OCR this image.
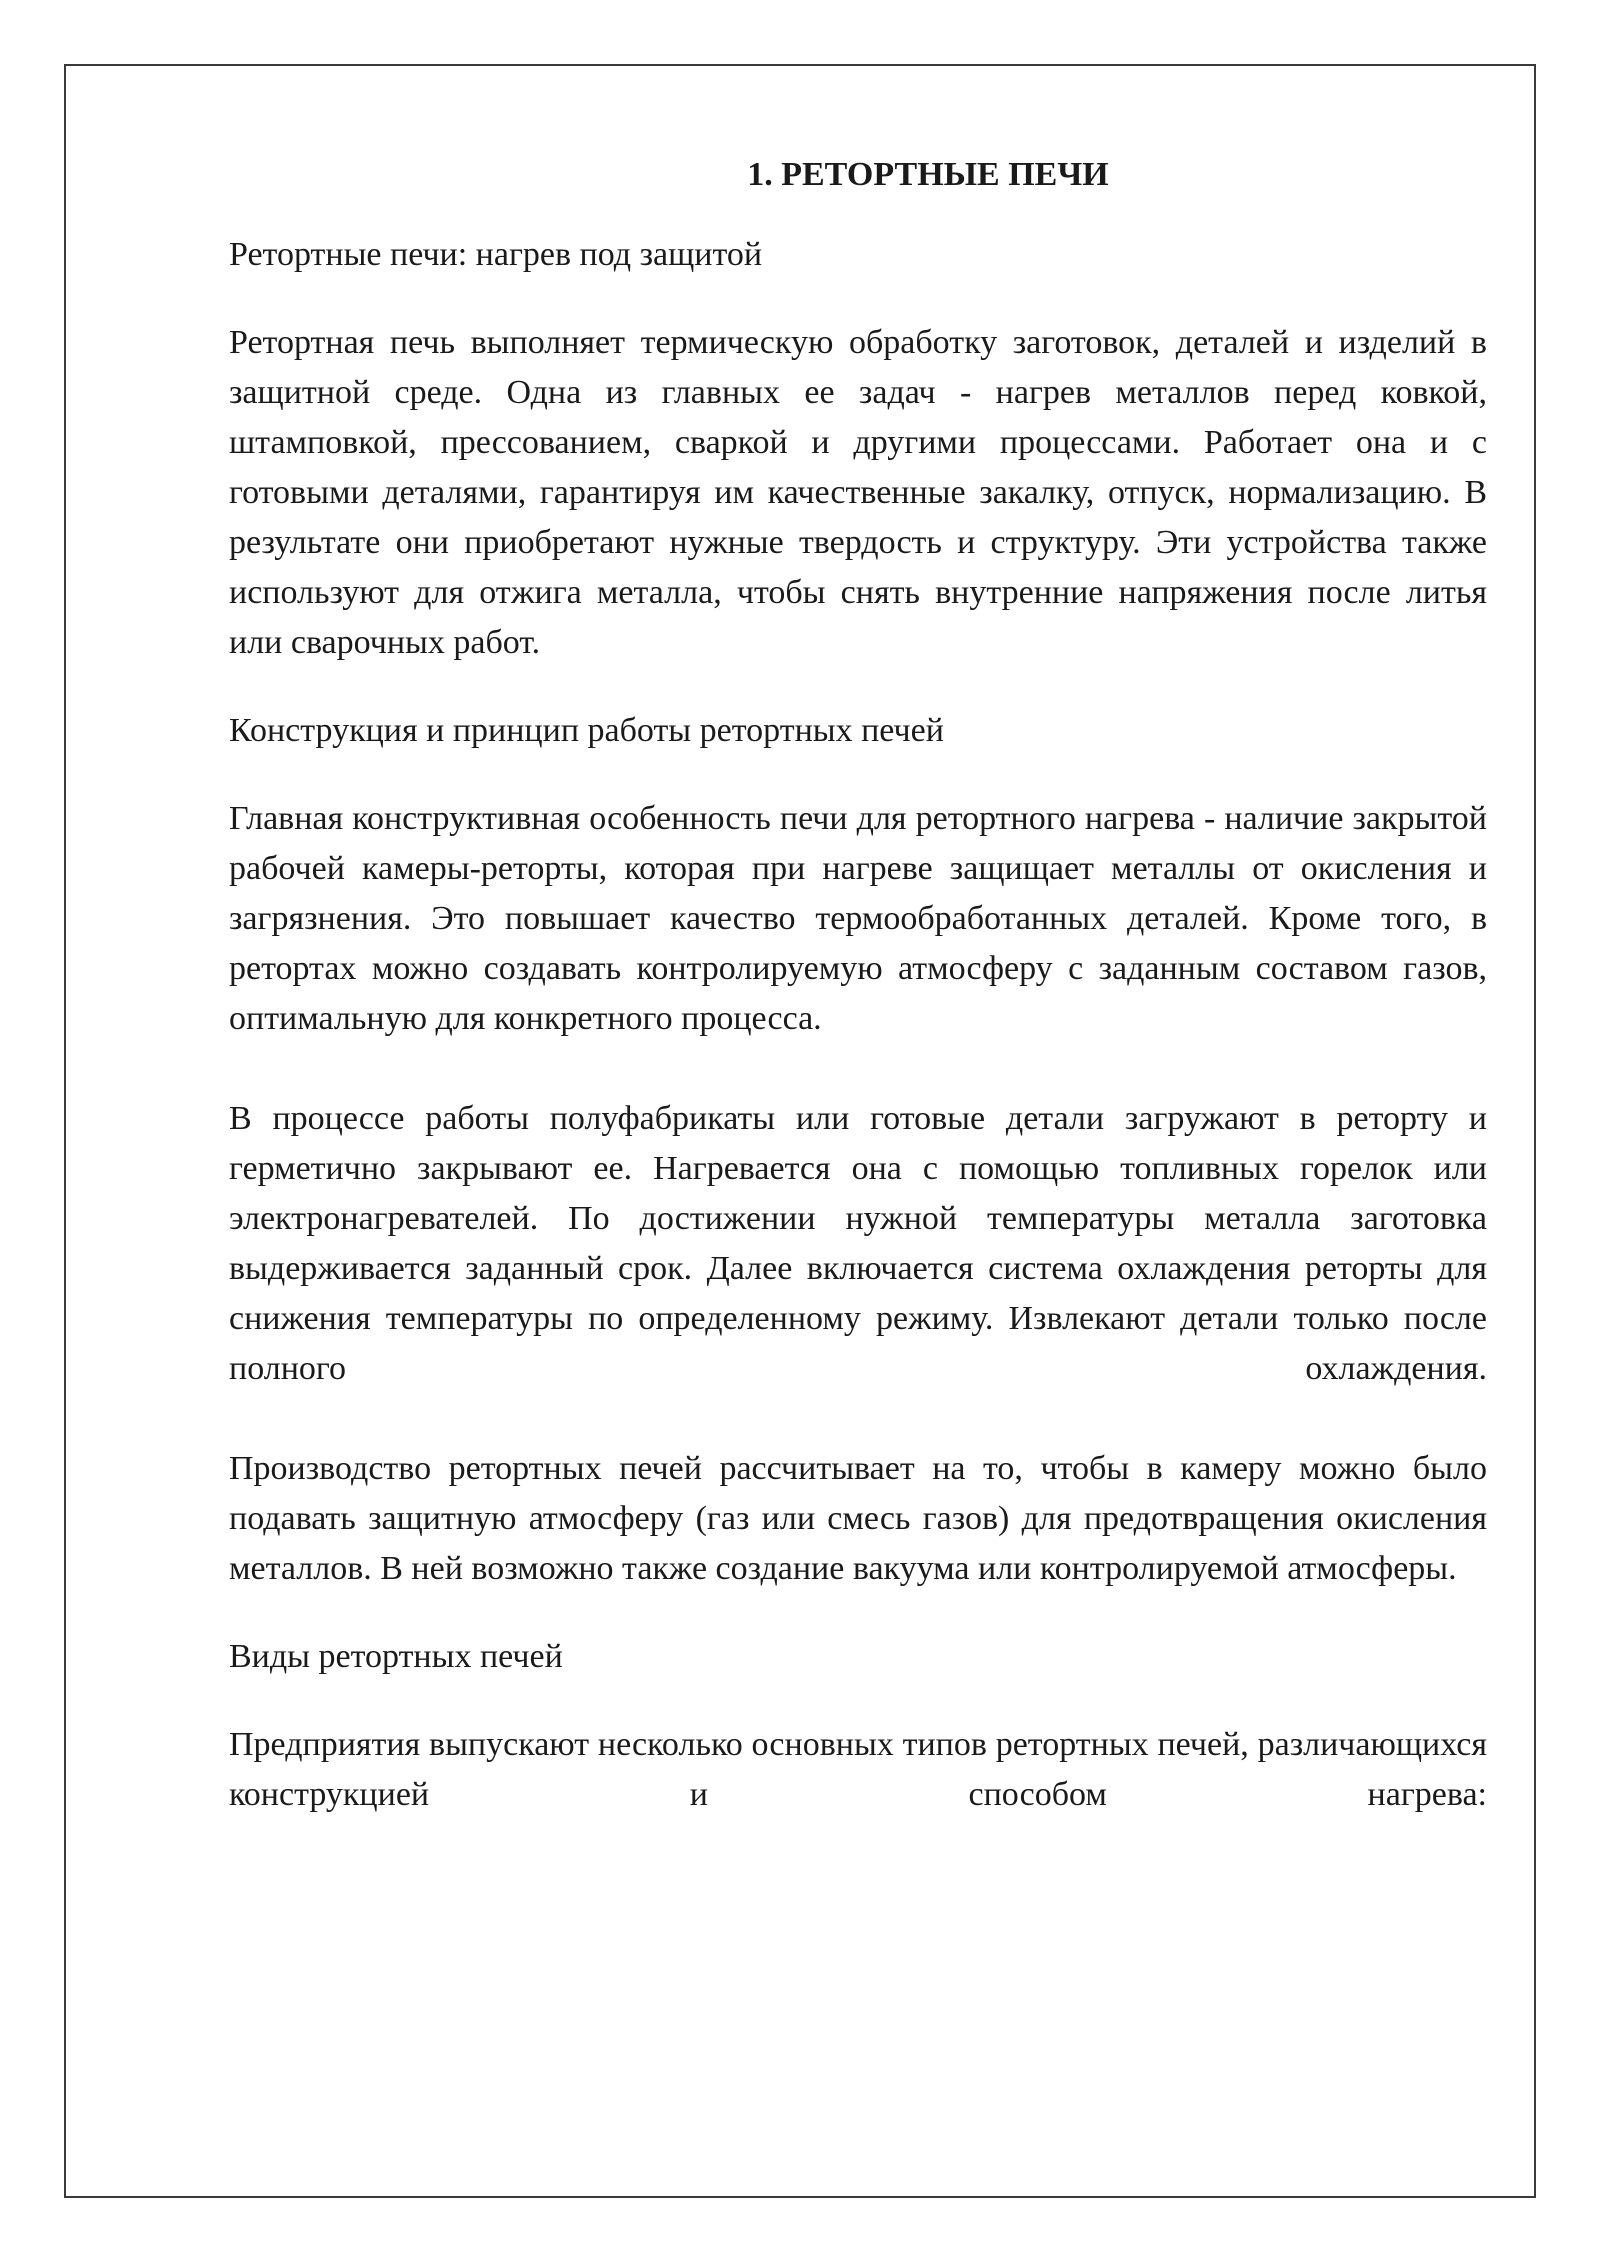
1. РЕТОРТНЫЕ ПЕЧИ

Ретортные печи: нагрев под защитой

Ретортная печь выполняет термическую обработку заготовок, деталей и изделий в защитной среде. Одна из главных ее задач - нагрев металлов перед ковкой, штамповкой, прессованием, сваркой и другими процессами. Работает она и с готовыми деталями, гарантируя им качественные закалку, отпуск, нормализацию. В результате они приобретают нужные твердость и структуру. Эти устройства также используют для отжига металла, чтобы снять внутренние напряжения после литья или сварочных работ.

Конструкция и принцип работы ретортных печей

Главная конструктивная особенность печи для ретортного нагрева - наличие закрытой рабочей камеры-реторты, которая при нагреве защищает металлы от окисления и загрязнения. Это повышает качество термообработанных деталей. Кроме того, в ретортах можно создавать контролируемую атмосферу с заданным составом газов, оптимальную для конкретного процесса.

В процессе работы полуфабрикаты или готовые детали загружают в реторту и герметично закрывают ее. Нагревается она с помощью топливных горелок или электронагревателей. По достижении нужной температуры металла заготовка выдерживается заданный срок. Далее включается система охлаждения реторты для снижения температуры по определенному режиму. Извлекают детали только после полного охлаждения.

Производство ретортных печей рассчитывает на то, чтобы в камеру можно было подавать защитную атмосферу (газ или смесь газов) для предотвращения окисления металлов. В ней возможно также создание вакуума или контролируемой атмосферы.

Виды ретортных печей

Предприятия выпускают несколько основных типов ретортных печей, различающихся конструкцией и способом нагрева:
